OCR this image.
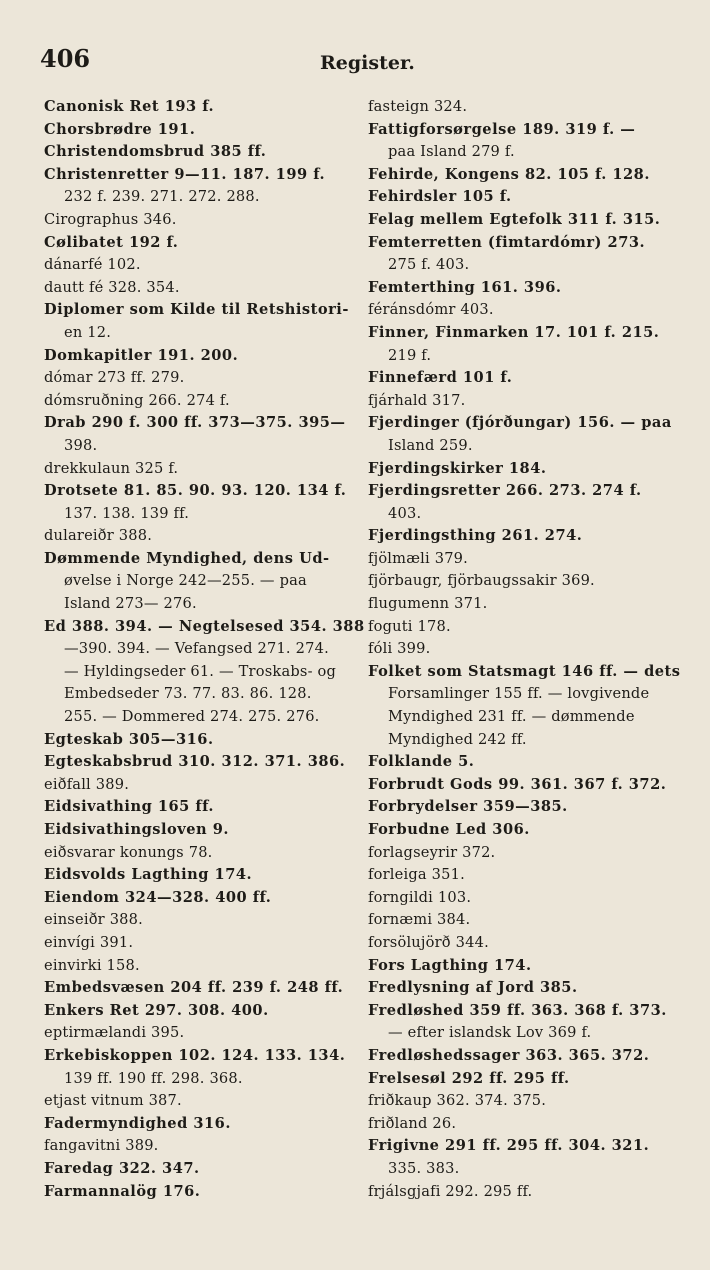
406	Register.
Canonisk Ret 193 f.
Chorsbrødre 191.
Christendomsbrud 385 ff.
Christenretter 9—11. 187. 199 f.
232 f. 239. 271. 272. 288.
Cirographus 346.
Cølibatet 192 f.
dánarfé 102.
dautt fé 328. 354.
Diplomer som Kilde til Retshistori-
en 12.
Domkapitler 191. 200.
dómar 273 ff. 279.
dómsruðning 266. 274 f.
Drab 290 f. 300 ff. 373—375. 395—
398.
drekkulaun 325 f.
Drotsete 81. 85. 90. 93. 120. 134 f.
137. 138. 139 ff.
dulareiðr 388.
Dømmende Myndighed, dens Ud-
øvelse i Norge 242—255. — paa
Island 273— 276.
Ed 388. 394. — Negtelsesed 354. 388
—390. 394. — Vefangsed 271. 274.
— Hyldingseder 61. — Troskabs- og
Embedseder 73. 77. 83. 86. 128.
255. — Dommered 274. 275. 276.
Egteskab 305—316.
Egteskabsbrud 310. 312. 371. 386.
eiðfall 389.
Eidsivathing 165 ff.
Eidsivathingsloven 9.
eiðsvarar konungs 78.
Eidsvolds Lagthing 174.
Eiendom 324—328. 400 ff.
einseiðr 388.
einvígi 391.
einvirki 158.
Embedsvæsen 204 ff. 239 f. 248 ff.
Enkers Ret 297. 308. 400.
eptirmælandi 395.
Erkebiskoppen 102. 124. 133. 134.
139 ff. 190 ff. 298. 368.
etjast vitnum 387.
Fadermyndighed 316.
fangavitni 389.
Faredag 322. 347.
Farmannalög 176.
fasteign 324.
Fattigforsørgelse 189. 319 f. —
paa Island 279 f.
Fehirde, Kongens 82. 105 f. 128.
Fehirdsler 105 f.
Felag mellem Egtefolk 311 f. 315.
Femterretten (fimtardómr) 273.
275 f. 403.
Femterthing 161. 396.
féránsdómr 403.
Finner, Finmarken 17. 101 f. 215.
219 f.
Finnefærd 101 f.
fjárhald 317.
Fjerdinger (fjórðungar) 156. — paa
Island 259.
Fjerdingskirker 184.
Fjerdingsretter 266. 273. 274 f.
403.
Fjerdingsthing 261. 274.
fjölmæli 379.
fjörbaugr, fjörbaugssakir 369.
flugumenn 371.
foguti 178.
fóli 399.
Folket som Statsmagt 146 ff. — dets
Forsamlinger 155 ff. — lovgivende
Myndighed 231 ff. — dømmende
Myndighed 242 ff.
Folklande 5.
Forbrudt Gods 99. 361. 367 f. 372.
Forbrydelser 359—385.
Forbudne Led 306.
forlagseyrir 372.
forleiga 351.
forngildi 103.
fornæmi 384.
forsölujörð 344.
Fors Lagthing 174.
Fredlysning af Jord 385.
Fredløshed 359 ff. 363. 368 f. 373.
— efter islandsk Lov 369 f.
Fredløshedssager 363. 365. 372.
Frelsesøl 292 ff. 295 ff.
friðkaup 362. 374. 375.
friðland 26.
Frigivne 291 ff. 295 ff. 304. 321.
335. 383.
frjálsgjafi 292. 295 ff.
